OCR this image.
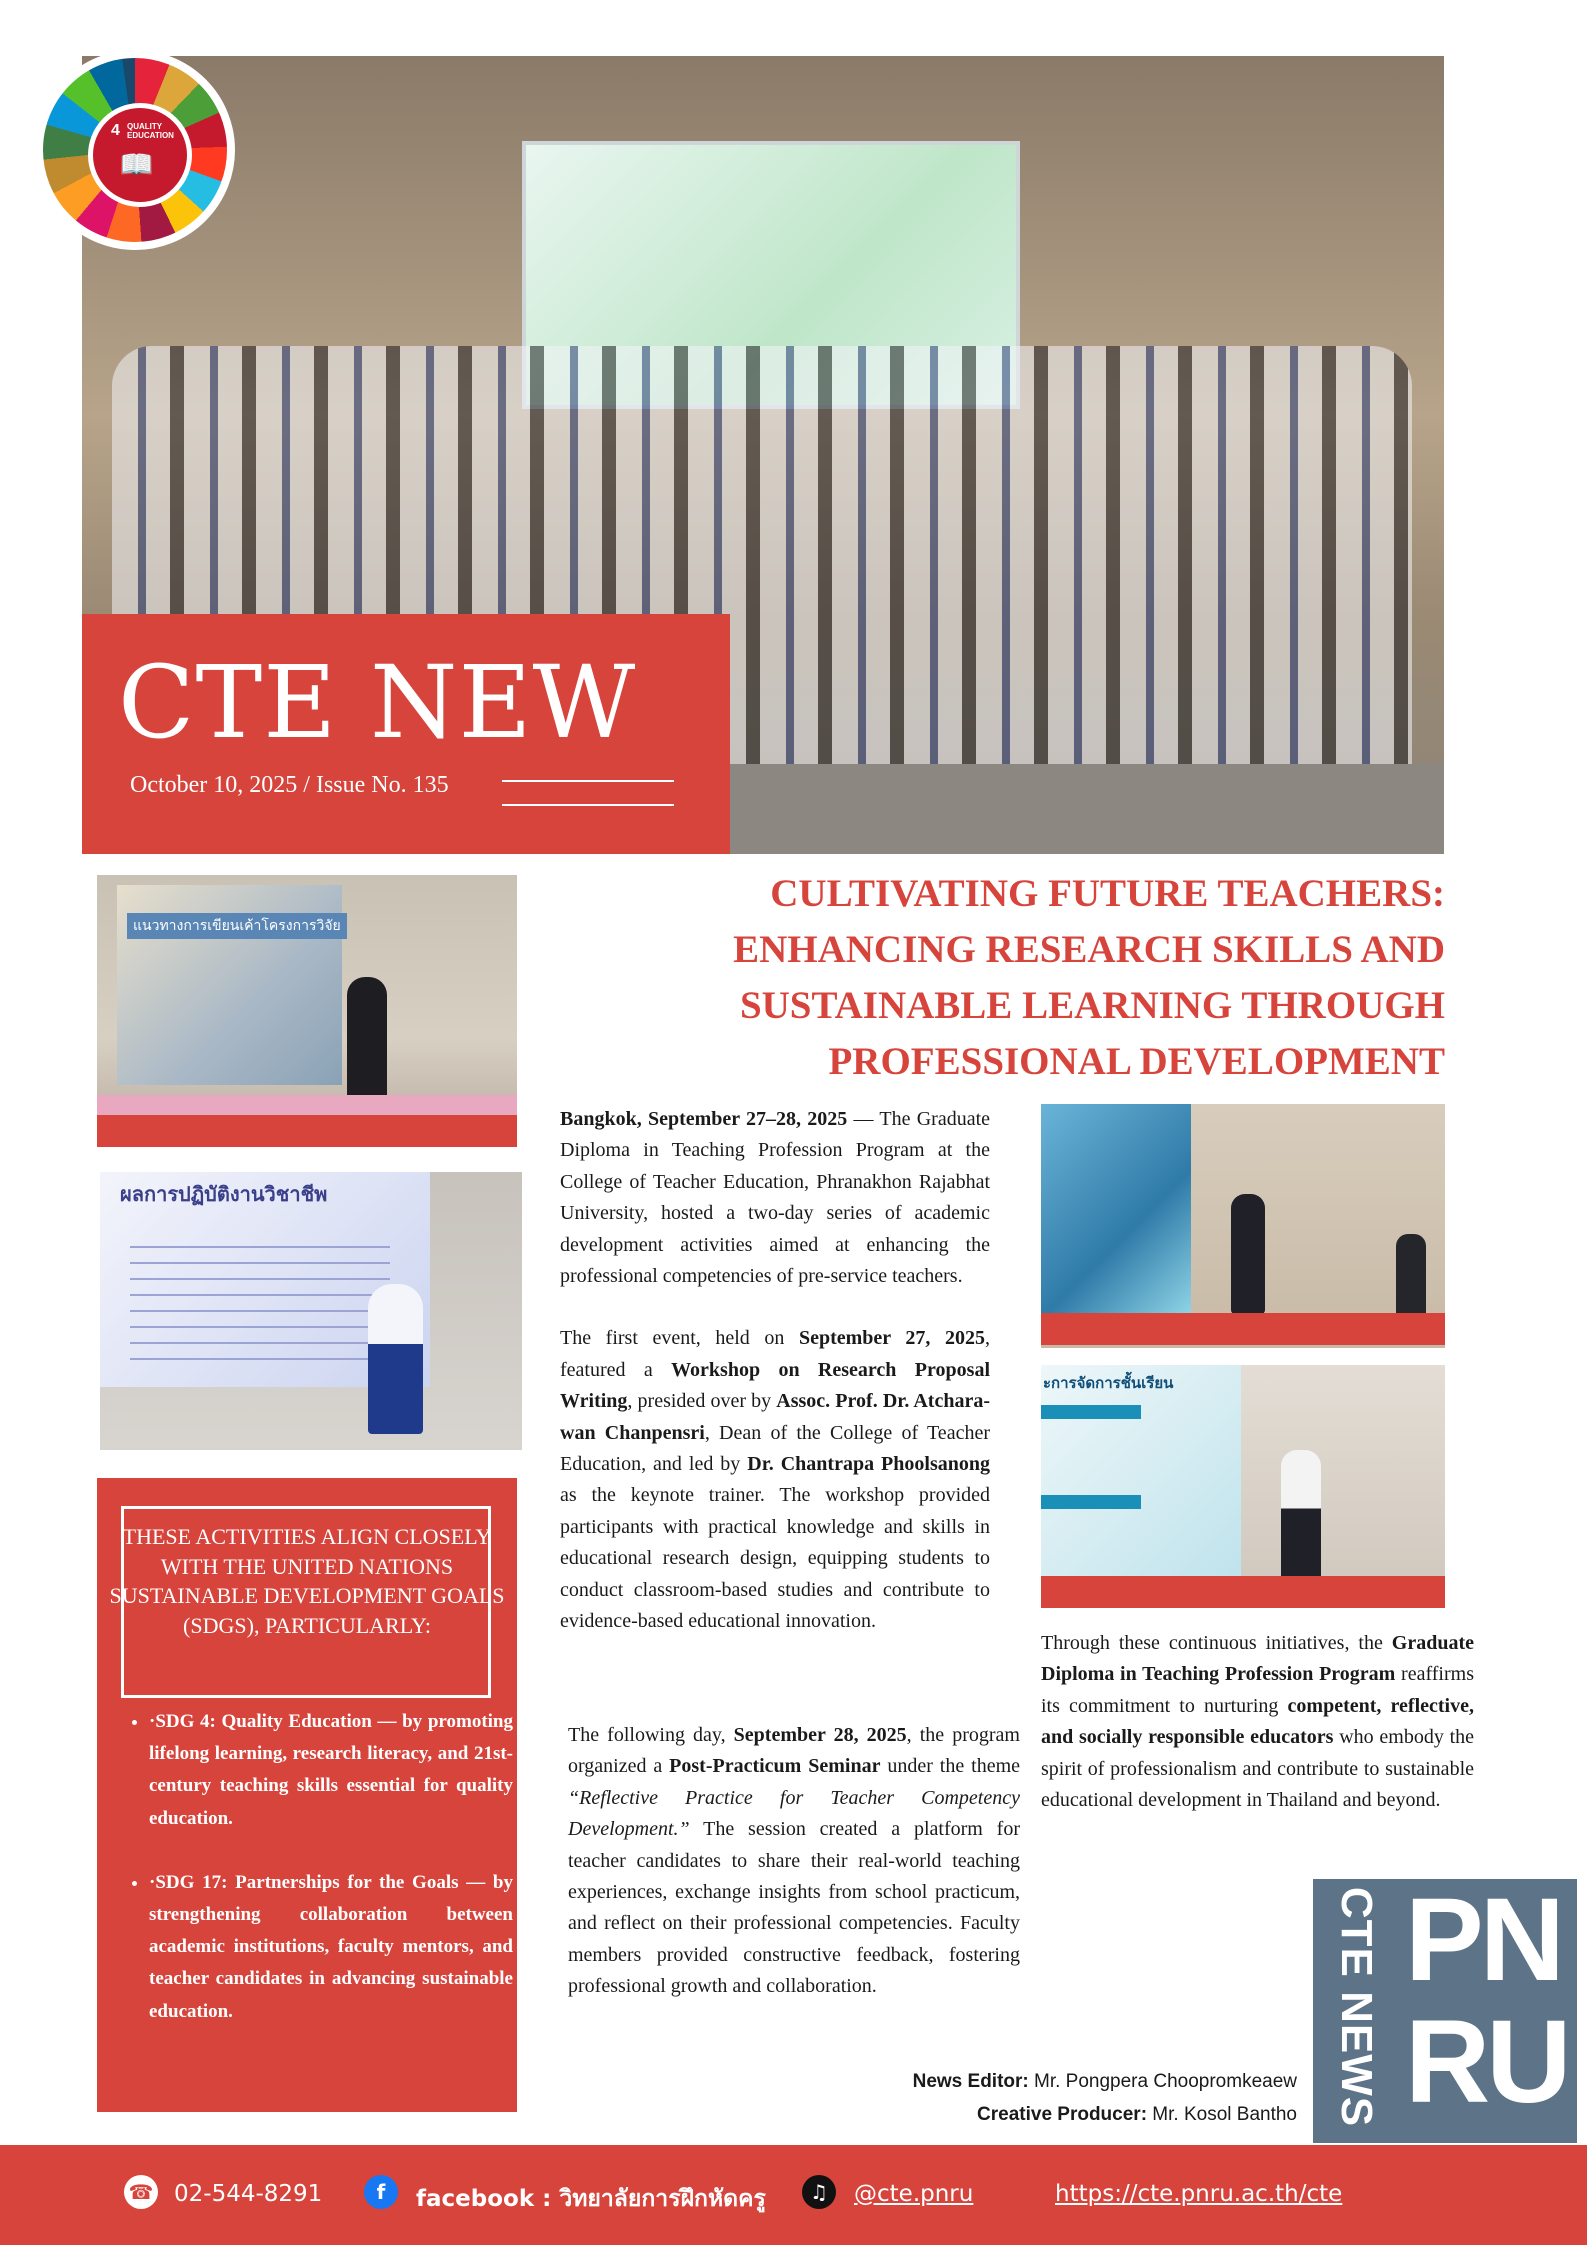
4 QUALITY EDUCATION
📖
CTE NEW
October 10, 2025 / Issue No. 135
แนวทางการเขียนเค้าโครงการวิจัย
ผลการปฏิบัติงานวิชาชีพ
ะการจัดการชั้นเรียน
CULTIVATING FUTURE TEACHERS:
ENHANCING RESEARCH SKILLS AND
SUSTAINABLE LEARNING THROUGH
PROFESSIONAL DEVELOPMENT

Bangkok, September 27–28, 2025 — The Graduate Diploma in Teaching Profession Program at the College of Teacher Education, Phranakhon Rajabhat University, hosted a two-day series of academic development activities aimed at enhancing the professional competencies of pre-service teachers.

The first event, held on September 27, 2025, featured a Workshop on Research Proposal Writing, presided over by Assoc. Prof. Dr. Atchara-wan Chanpensri, Dean of the College of Teacher Education, and led by Dr. Chantrapa Phoolsanong as the keynote trainer. The workshop provided participants with practical knowledge and skills in educational research design, equipping students to conduct classroom-based studies and contribute to evidence-based educational innovation.

The following day, September 28, 2025, the program organized a Post-Practicum Seminar under the theme “Reflective Practice for Teacher Competency Development.” The session created a platform for teacher candidates to share their real-world teaching experiences, exchange insights from school practicum, and reflect on their professional competencies. Faculty members provided constructive feedback, fostering professional growth and collaboration.

Through these continuous initiatives, the Graduate Diploma in Teaching Profession Program reaffirms its commitment to nurturing competent, reflective, and socially responsible educators who embody the spirit of professionalism and contribute to sustainable educational development in Thailand and beyond.

THESE ACTIVITIES ALIGN CLOSELY WITH THE UNITED NATIONS SUSTAINABLE DEVELOPMENT GOALS (SDGS), PARTICULARLY:
• ·SDG 4: Quality Education — by promoting lifelong learning, research literacy, and 21st-century teaching skills essential for quality education.
• ·SDG 17: Partnerships for the Goals — by strengthening collaboration between academic institutions, faculty mentors, and teacher candidates in advancing sustainable education.
News Editor: Mr. Pongpera Choopromkeaew
Creative Producer: Mr. Kosol Bantho CTE NEWS PN
RU
☎ 02-544-8291	f	facebook : วิทยาลัยการฝึกหัดครู	♫	@cte.pnru	https://cte.pnru.ac.th/cte
